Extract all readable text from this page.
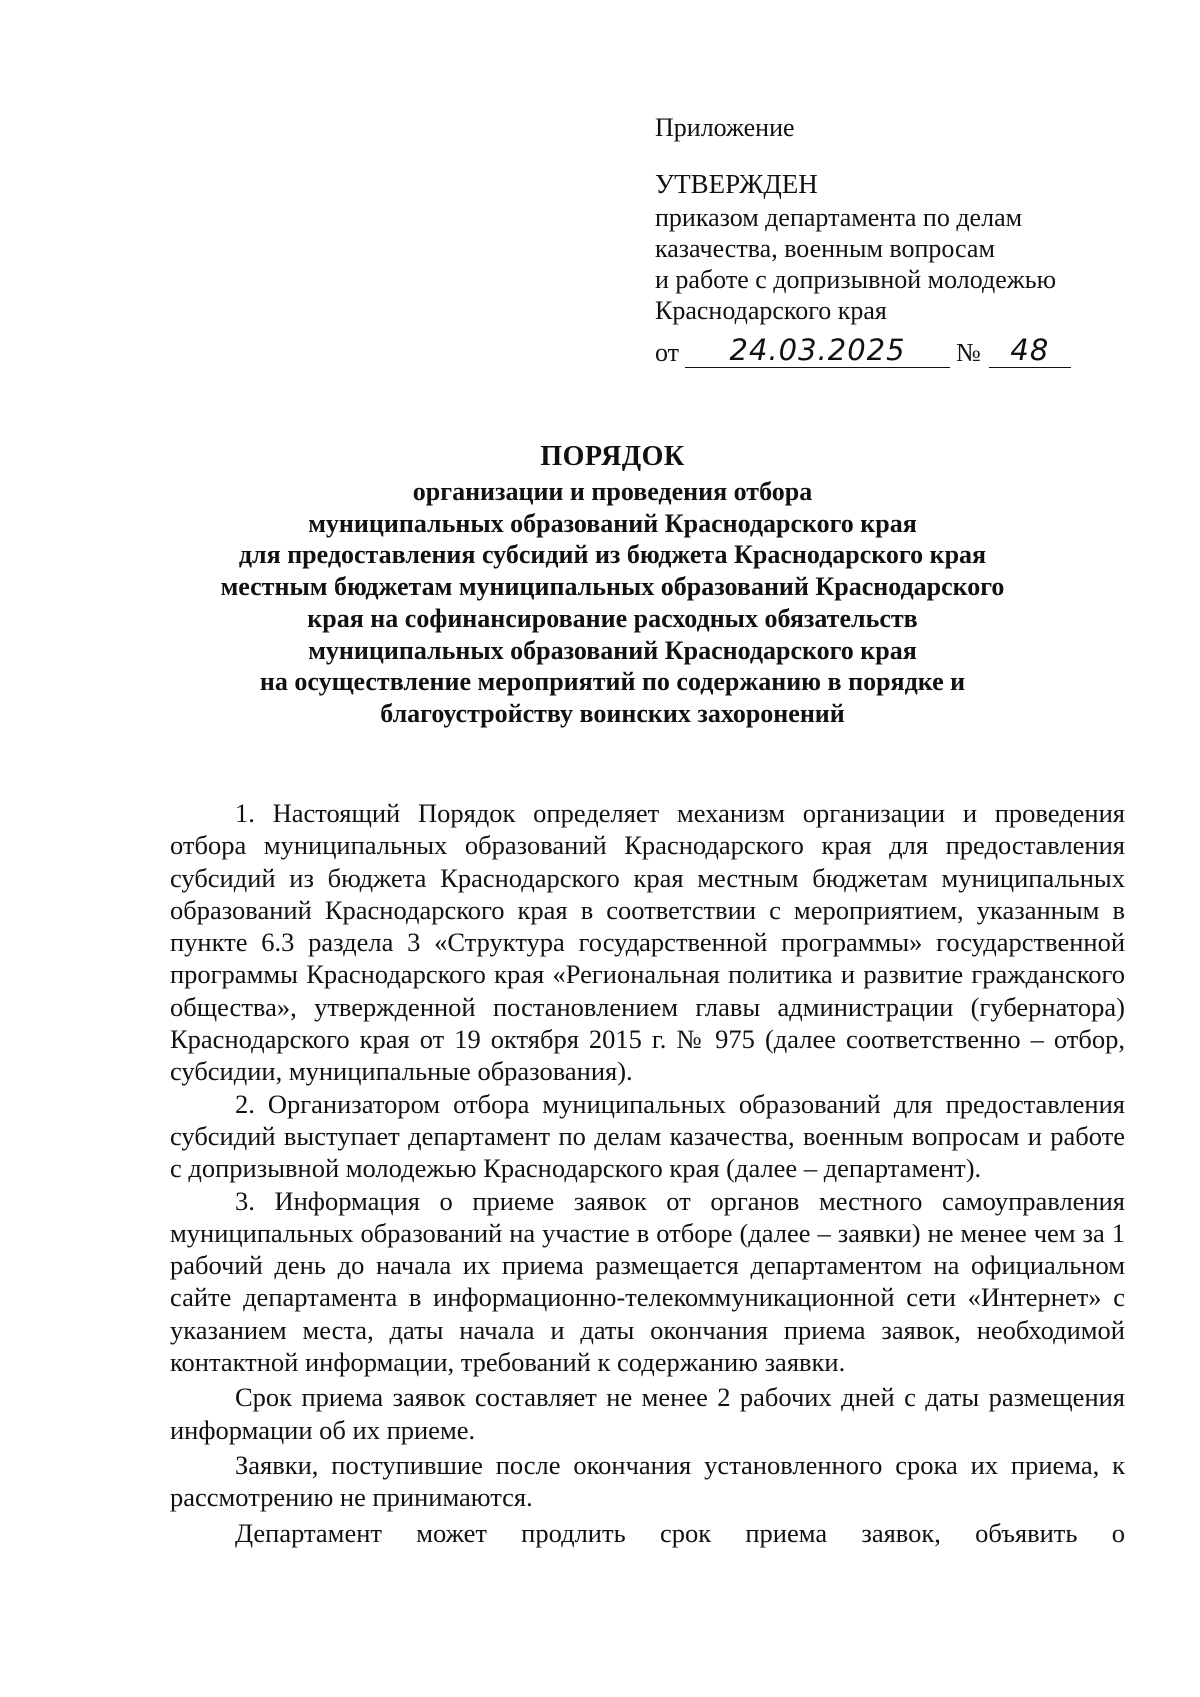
Приложение

УТВЕРЖДЕН

приказом департамента по делам

казачества, военным вопросам

и работе с допризывной молодежью

Краснодарского края

от	24.03.2025	№	48

ПОРЯДОК

организации и проведения отбора

муниципальных образований Краснодарского края

для предоставления субсидий из бюджета Краснодарского края

местным бюджетам муниципальных образований Краснодарского

края на софинансирование расходных обязательств

муниципальных образований Краснодарского края

на осуществление мероприятий по содержанию в порядке и

благоустройству воинских захоронений

1. Настоящий Порядок определяет механизм организации и проведения отбора муниципальных образований Краснодарского края для предоставления субсидий из бюджета Краснодарского края местным бюджетам муниципальных образований Краснодарского края в соответствии с мероприятием, указанным в пункте 6.3 раздела 3 «Структура государственной программы» государственной программы Краснодарского края «Региональная политика и развитие гражданского общества», утвержденной постановлением главы администрации (губернатора) Краснодарского края от 19 октября 2015 г. № 975 (далее соответственно – отбор, субсидии, муниципальные образования).

2. Организатором отбора муниципальных образований для предоставления субсидий выступает департамент по делам казачества, военным вопросам и работе с допризывной молодежью Краснодарского края (далее – департамент).

3. Информация о приеме заявок от органов местного самоуправления муниципальных образований на участие в отборе (далее – заявки) не менее чем за 1 рабочий день до начала их приема размещается департаментом на официальном сайте департамента в информационно-телекоммуникационной сети «Интернет» с указанием места, даты начала и даты окончания приема заявок, необходимой контактной информации, требований к содержанию заявки.

Срок приема заявок составляет не менее 2 рабочих дней с даты размещения информации об их приеме.

Заявки, поступившие после окончания установленного срока их приема, к рассмотрению не принимаются.

Департамент может продлить срок приема заявок, объявить о
